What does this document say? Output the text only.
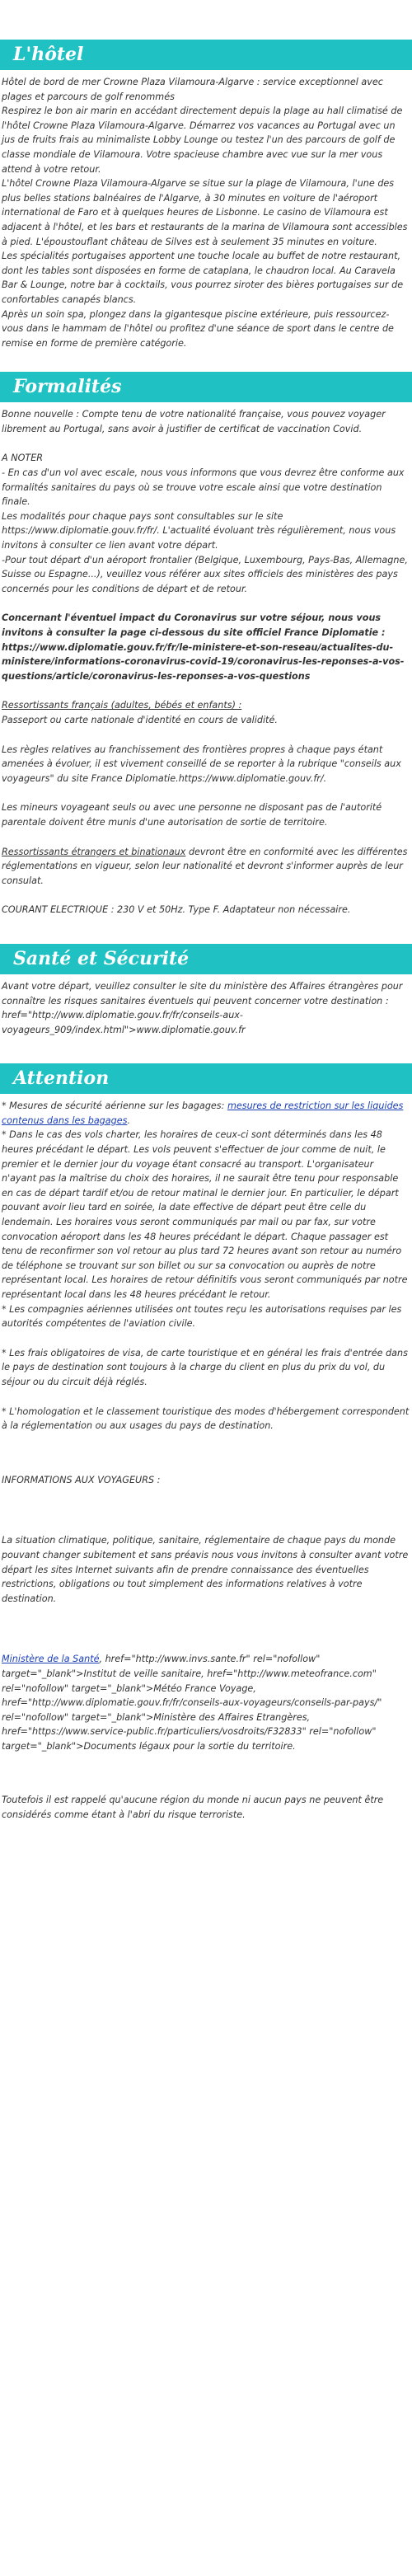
L'hôtel

Hôtel de bord de mer Crowne Plaza Vilamoura-Algarve : service exceptionnel avec plages et parcours de golf renommés

Respirez le bon air marin en accédant directement depuis la plage au hall climatisé de l'hôtel Crowne Plaza Vilamoura-Algarve. Démarrez vos vacances au Portugal avec un jus de fruits frais au minimaliste Lobby Lounge ou testez l'un des parcours de golf de classe mondiale de Vilamoura. Votre spacieuse chambre avec vue sur la mer vous attend à votre retour.

L'hôtel Crowne Plaza Vilamoura-Algarve se situe sur la plage de Vilamoura, l'une des plus belles stations balnéaires de l'Algarve, à 30 minutes en voiture de l'aéroport international de Faro et à quelques heures de Lisbonne. Le casino de Vilamoura est adjacent à l'hôtel, et les bars et restaurants de la marina de Vilamoura sont accessibles à pied. L'époustouflant château de Silves est à seulement 35 minutes en voiture.

Les spécialités portugaises apportent une touche locale au buffet de notre restaurant, dont les tables sont disposées en forme de cataplana, le chaudron local. Au Caravela Bar & Lounge, notre bar à cocktails, vous pourrez siroter des bières portugaises sur de confortables canapés blancs.

Après un soin spa, plongez dans la gigantesque piscine extérieure, puis ressourcez-vous dans le hammam de l'hôtel ou profitez d'une séance de sport dans le centre de remise en forme de première catégorie.

Formalités

Bonne nouvelle : Compte tenu de votre nationalité française, vous pouvez voyager librement au Portugal, sans avoir à justifier de certificat de vaccination Covid.

A NOTER

- En cas d'un vol avec escale, nous vous informons que vous devrez être conforme aux formalités sanitaires du pays où se trouve votre escale ainsi que votre destination finale.

Les modalités pour chaque pays sont consultables sur le site https://www.diplomatie.gouv.fr/fr/. L'actualité évoluant très régulièrement, nous vous invitons à consulter ce lien avant votre départ.

-Pour tout départ d'un aéroport frontalier (Belgique, Luxembourg, Pays-Bas, Allemagne, Suisse ou Espagne...), veuillez vous référer aux sites officiels des ministères des pays concernés pour les conditions de départ et de retour.

Concernant l'éventuel impact du Coronavirus sur votre séjour, nous vous invitons à consulter la page ci-dessous du site officiel France Diplomatie : https://www.diplomatie.gouv.fr/fr/le-ministere-et-son-reseau/actualites-du-ministere/informations-coronavirus-covid-19/coronavirus-les-reponses-a-vos-questions/article/coronavirus-les-reponses-a-vos-questions

Ressortissants français (adultes, bébés et enfants) :

Passeport ou carte nationale d'identité en cours de validité.

Les règles relatives au franchissement des frontières propres à chaque pays étant amenées à évoluer, il est vivement conseillé de se reporter à la rubrique "conseils aux voyageurs" du site France Diplomatie.https://www.diplomatie.gouv.fr/.

Les mineurs voyageant seuls ou avec une personne ne disposant pas de l'autorité parentale doivent être munis d'une autorisation de sortie de territoire.

Ressortissants étrangers et binationaux devront être en conformité avec les différentes réglementations en vigueur, selon leur nationalité et devront s'informer auprès de leur consulat.

COURANT ELECTRIQUE : 230 V et 50Hz. Type F. Adaptateur non nécessaire.

Santé et Sécurité

Avant votre départ, veuillez consulter le site du ministère des Affaires étrangères pour connaître les risques sanitaires éventuels qui peuvent concerner votre destination : href="http://www.diplomatie.gouv.fr/fr/conseils-aux-voyageurs_909/index.html">www.diplomatie.gouv.fr

Attention

* Mesures de sécurité aérienne sur les bagages: mesures de restriction sur les liquides contenus dans les bagages.

* Dans le cas des vols charter, les horaires de ceux-ci sont déterminés dans les 48 heures précédant le départ. Les vols peuvent s'effectuer de jour comme de nuit, le premier et le dernier jour du voyage étant consacré au transport. L'organisateur n'ayant pas la maîtrise du choix des horaires, il ne saurait être tenu pour responsable en cas de départ tardif et/ou de retour matinal le dernier jour. En particulier, le départ pouvant avoir lieu tard en soirée, la date effective de départ peut être celle du lendemain. Les horaires vous seront communiqués par mail ou par fax, sur votre convocation aéroport dans les 48 heures précédant le départ. Chaque passager est tenu de reconfirmer son vol retour au plus tard 72 heures avant son retour au numéro de téléphone se trouvant sur son billet ou sur sa convocation ou auprès de notre représentant local. Les horaires de retour définitifs vous seront communiqués par notre représentant local dans les 48 heures précédant le retour.

* Les compagnies aériennes utilisées ont toutes reçu les autorisations requises par les autorités compétentes de l'aviation civile.

* Les frais obligatoires de visa, de carte touristique et en général les frais d'entrée dans le pays de destination sont toujours à la charge du client en plus du prix du vol, du séjour ou du circuit déjà réglés.

* L'homologation et le classement touristique des modes d'hébergement correspondent à la réglementation ou aux usages du pays de destination.

INFORMATIONS AUX VOYAGEURS :

La situation climatique, politique, sanitaire, réglementaire de chaque pays du monde pouvant changer subitement et sans préavis nous vous invitons à consulter avant votre départ les sites Internet suivants afin de prendre connaissance des éventuelles restrictions, obligations ou tout simplement des informations relatives à votre destination.

Ministère de la Santé, href="http://www.invs.sante.fr" rel="nofollow" target="_blank">Institut de veille sanitaire, href="http://www.meteofrance.com" rel="nofollow" target="_blank">Météo France Voyage, href="http://www.diplomatie.gouv.fr/fr/conseils-aux-voyageurs/conseils-par-pays/" rel="nofollow" target="_blank">Ministère des Affaires Etrangères, href="https://www.service-public.fr/particuliers/vosdroits/F32833" rel="nofollow" target="_blank">Documents légaux pour la sortie du territoire.

Toutefois il est rappelé qu'aucune région du monde ni aucun pays ne peuvent être considérés comme étant à l'abri du risque terroriste.
